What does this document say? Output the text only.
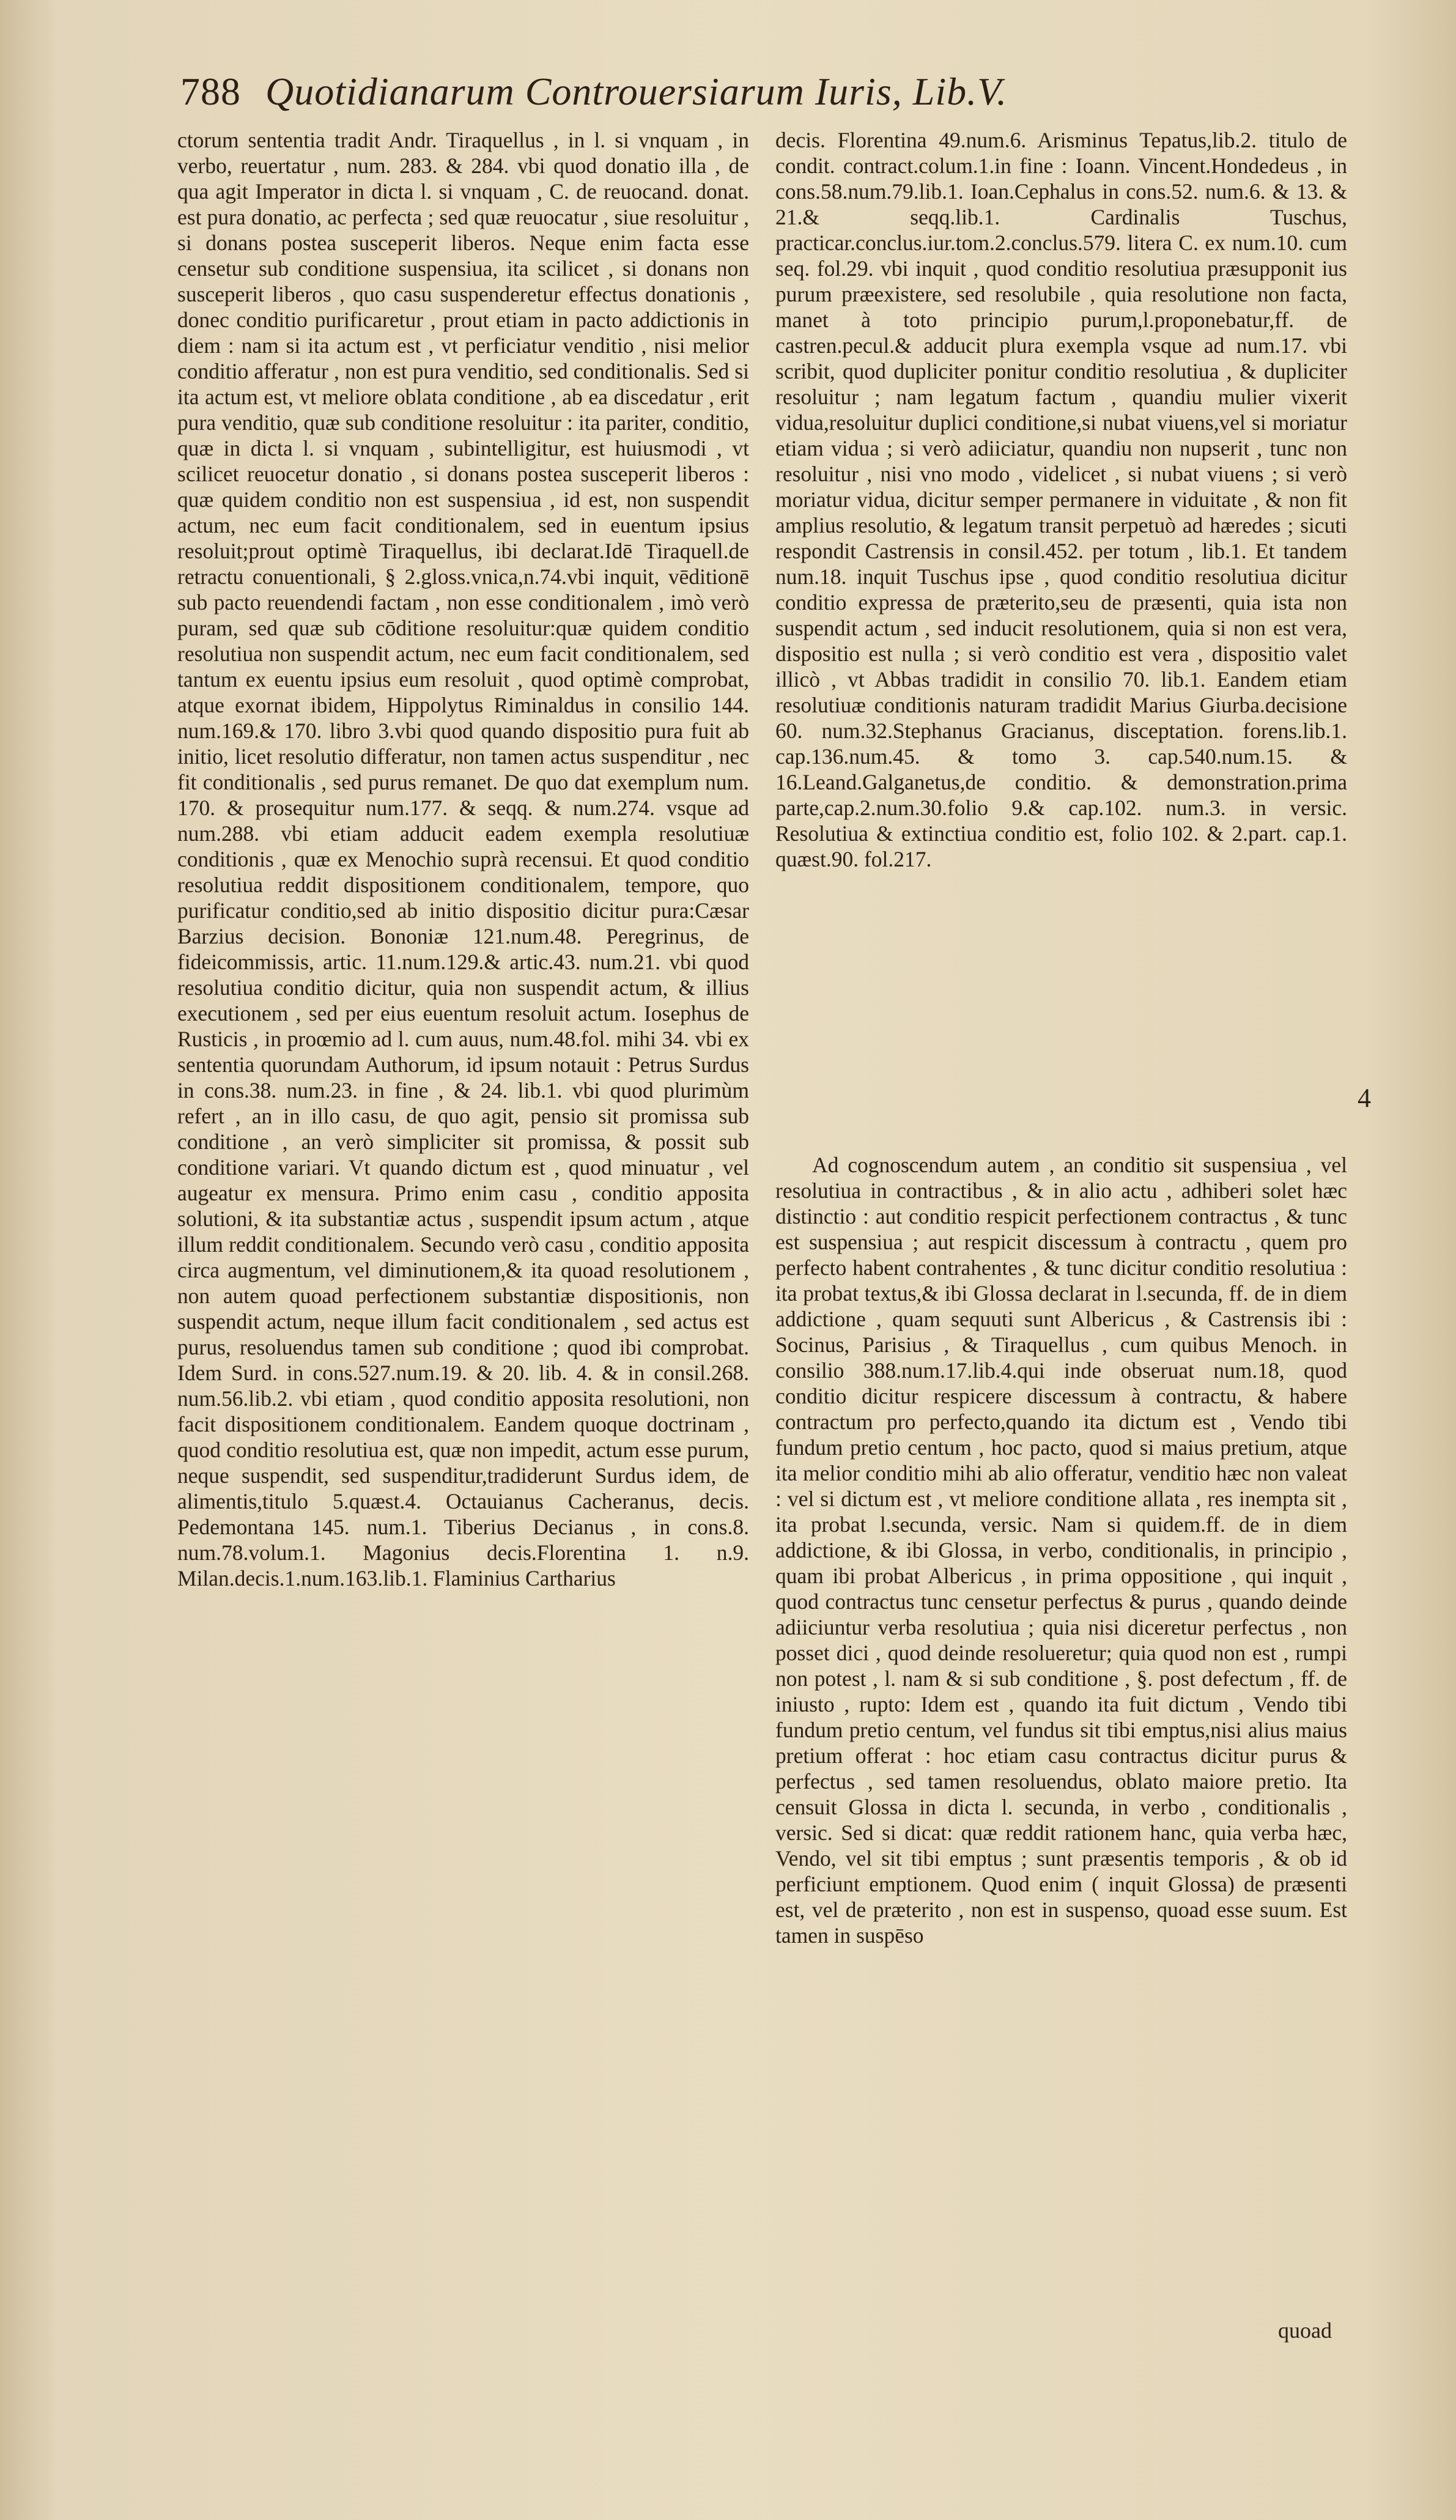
788 Quotidianarum Controuersiarum Iuris, Lib.V.

ctorum sententia tradit Andr. Tiraquellus , in l. si vnquam , in verbo, reuertatur , num. 283. & 284. vbi quod donatio illa , de qua agit Imperator in dicta l. si vnquam , C. de reuocand. donat. est pura donatio, ac perfecta ; sed quæ reuocatur , siue resoluitur , si donans postea susceperit liberos. Neque enim facta esse censetur sub conditione suspensiua, ita scilicet , si donans non susceperit liberos , quo casu suspenderetur effectus donationis , donec conditio purificaretur , prout etiam in pacto addictionis in diem : nam si ita actum est , vt perficiatur venditio , nisi melior conditio afferatur , non est pura venditio, sed conditionalis. Sed si ita actum est, vt meliore oblata conditione , ab ea discedatur , erit pura venditio, quæ sub conditione resoluitur : ita pariter, conditio, quæ in dicta l. si vnquam , subintelligitur, est huiusmodi , vt scilicet reuocetur donatio , si donans postea susceperit liberos : quæ quidem conditio non est suspensiua , id est, non suspendit actum, nec eum facit conditionalem, sed in euentum ipsius resoluit;prout optimè Tiraquellus, ibi declarat.Idē Tiraquell.de retractu conuentionali, § 2.gloss.vnica,n.74.vbi inquit, vēditionē sub pacto reuendendi factam , non esse conditionalem , imò verò puram, sed quæ sub cōditione resoluitur:quæ quidem conditio resolutiua non suspendit actum, nec eum facit conditionalem, sed tantum ex euentu ipsius eum resoluit , quod optimè comprobat, atque exornat ibidem, Hippolytus Riminaldus in consilio 144. num.169.& 170. libro 3.vbi quod quando dispositio pura fuit ab initio, licet resolutio differatur, non tamen actus suspenditur , nec fit conditionalis , sed purus remanet. De quo dat exemplum num. 170. & prosequitur num.177. & seqq. & num.274. vsque ad num.288. vbi etiam adducit eadem exempla resolutiuæ conditionis , quæ ex Menochio suprà recensui. Et quod conditio resolutiua reddit dispositionem conditionalem, tempore, quo purificatur conditio,sed ab initio dispositio dicitur pura:Cæsar Barzius decision. Bononiæ 121.num.48. Peregrinus, de fideicommissis, artic. 11.num.129.& artic.43. num.21. vbi quod resolutiua conditio dicitur, quia non suspendit actum, & illius executionem , sed per eius euentum resoluit actum. Iosephus de Rusticis , in proœmio ad l. cum auus, num.48.fol. mihi 34. vbi ex sententia quorundam Authorum, id ipsum notauit : Petrus Surdus in cons.38. num.23. in fine , & 24. lib.1. vbi quod plurimùm refert , an in illo casu, de quo agit, pensio sit promissa sub conditione , an verò simpliciter sit promissa, & possit sub conditione variari. Vt quando dictum est , quod minuatur , vel augeatur ex mensura. Primo enim casu , conditio apposita solutioni, & ita substantiæ actus , suspendit ipsum actum , atque illum reddit conditionalem. Secundo verò casu , conditio apposita circa augmentum, vel diminutionem,& ita quoad resolutionem , non autem quoad perfectionem substantiæ dispositionis, non suspendit actum, neque illum facit conditionalem , sed actus est purus, resoluendus tamen sub conditione ; quod ibi comprobat. Idem Surd. in cons.527.num.19. & 20. lib. 4. & in consil.268. num.56.lib.2. vbi etiam , quod conditio apposita resolutioni, non facit dispositionem conditionalem. Eandem quoque doctrinam , quod conditio resolutiua est, quæ non impedit, actum esse purum, neque suspendit, sed suspenditur,tradiderunt Surdus idem, de alimentis,titulo 5.quæst.4. Octauianus Cacheranus, decis. Pedemontana 145. num.1. Tiberius Decianus , in cons.8. num.78.volum.1. Magonius decis.Florentina 1. n.9. Milan.decis.1.num.163.lib.1. Flaminius Cartharius

decis. Florentina 49.num.6. Arisminus Tepatus,lib.2. titulo de condit. contract.colum.1.in fine : Ioann. Vincent.Hondedeus , in cons.58.num.79.lib.1. Ioan.Cephalus in cons.52. num.6. & 13. & 21.& seqq.lib.1. Cardinalis Tuschus, practicar.conclus.iur.tom.2.conclus.579. litera C. ex num.10. cum seq. fol.29. vbi inquit , quod conditio resolutiua præsupponit ius purum præexistere, sed resolubile , quia resolutione non facta, manet à toto principio purum,l.proponebatur,ff. de castren.pecul.& adducit plura exempla vsque ad num.17. vbi scribit, quod dupliciter ponitur conditio resolutiua , & dupliciter resoluitur ; nam legatum factum , quandiu mulier vixerit vidua,resoluitur duplici conditione,si nubat viuens,vel si moriatur etiam vidua ; si verò adiiciatur, quandiu non nupserit , tunc non resoluitur , nisi vno modo , videlicet , si nubat viuens ; si verò moriatur vidua, dicitur semper permanere in viduitate , & non fit amplius resolutio, & legatum transit perpetuò ad hæredes ; sicuti respondit Castrensis in consil.452. per totum , lib.1. Et tandem num.18. inquit Tuschus ipse , quod conditio resolutiua dicitur conditio expressa de præterito,seu de præsenti, quia ista non suspendit actum , sed inducit resolutionem, quia si non est vera, dispositio est nulla ; si verò conditio est vera , dispositio valet illicò , vt Abbas tradidit in consilio 70. lib.1. Eandem etiam resolutiuæ conditionis naturam tradidit Marius Giurba.decisione 60. num.32.Stephanus Gracianus, disceptation. forens.lib.1. cap.136.num.45. & tomo 3. cap.540.num.15. & 16.Leand.Galganetus,de conditio. & demonstration.prima parte,cap.2.num.30.folio 9.& cap.102. num.3. in versic. Resolutiua & extinctiua conditio est, folio 102. & 2.part. cap.1. quæst.90. fol.217.

Ad cognoscendum autem , an conditio sit suspensiua , vel resolutiua in contractibus , & in alio actu , adhiberi solet hæc distinctio : aut conditio respicit perfectionem contractus , & tunc est suspensiua ; aut respicit discessum à contractu , quem pro perfecto habent contrahentes , & tunc dicitur conditio resolutiua : ita probat textus,& ibi Glossa declarat in l.secunda, ff. de in diem addictione , quam sequuti sunt Albericus , & Castrensis ibi : Socinus, Parisius , & Tiraquellus , cum quibus Menoch. in consilio 388.num.17.lib.4.qui inde obseruat num.18, quod conditio dicitur respicere discessum à contractu, & habere contractum pro perfecto,quando ita dictum est , Vendo tibi fundum pretio centum , hoc pacto, quod si maius pretium, atque ita melior conditio mihi ab alio offeratur, venditio hæc non valeat : vel si dictum est , vt meliore conditione allata , res inempta sit , ita probat l.secunda, versic. Nam si quidem.ff. de in diem addictione, & ibi Glossa, in verbo, conditionalis, in principio , quam ibi probat Albericus , in prima oppositione , qui inquit , quod contractus tunc censetur perfectus & purus , quando deinde adiiciuntur verba resolutiua ; quia nisi diceretur perfectus , non posset dici , quod deinde resolueretur; quia quod non est , rumpi non potest , l. nam & si sub conditione , §. post defectum , ff. de iniusto , rupto: Idem est , quando ita fuit dictum , Vendo tibi fundum pretio centum, vel fundus sit tibi emptus,nisi alius maius pretium offerat : hoc etiam casu contractus dicitur purus & perfectus , sed tamen resoluendus, oblato maiore pretio. Ita censuit Glossa in dicta l. secunda, in verbo , conditionalis , versic. Sed si dicat: quæ reddit rationem hanc, quia verba hæc, Vendo, vel sit tibi emptus ; sunt præsentis temporis , & ob id perficiunt emptionem. Quod enim ( inquit Glossa) de præsenti est, vel de præterito , non est in suspenso, quoad esse suum. Est tamen in suspēso

4
quoad
